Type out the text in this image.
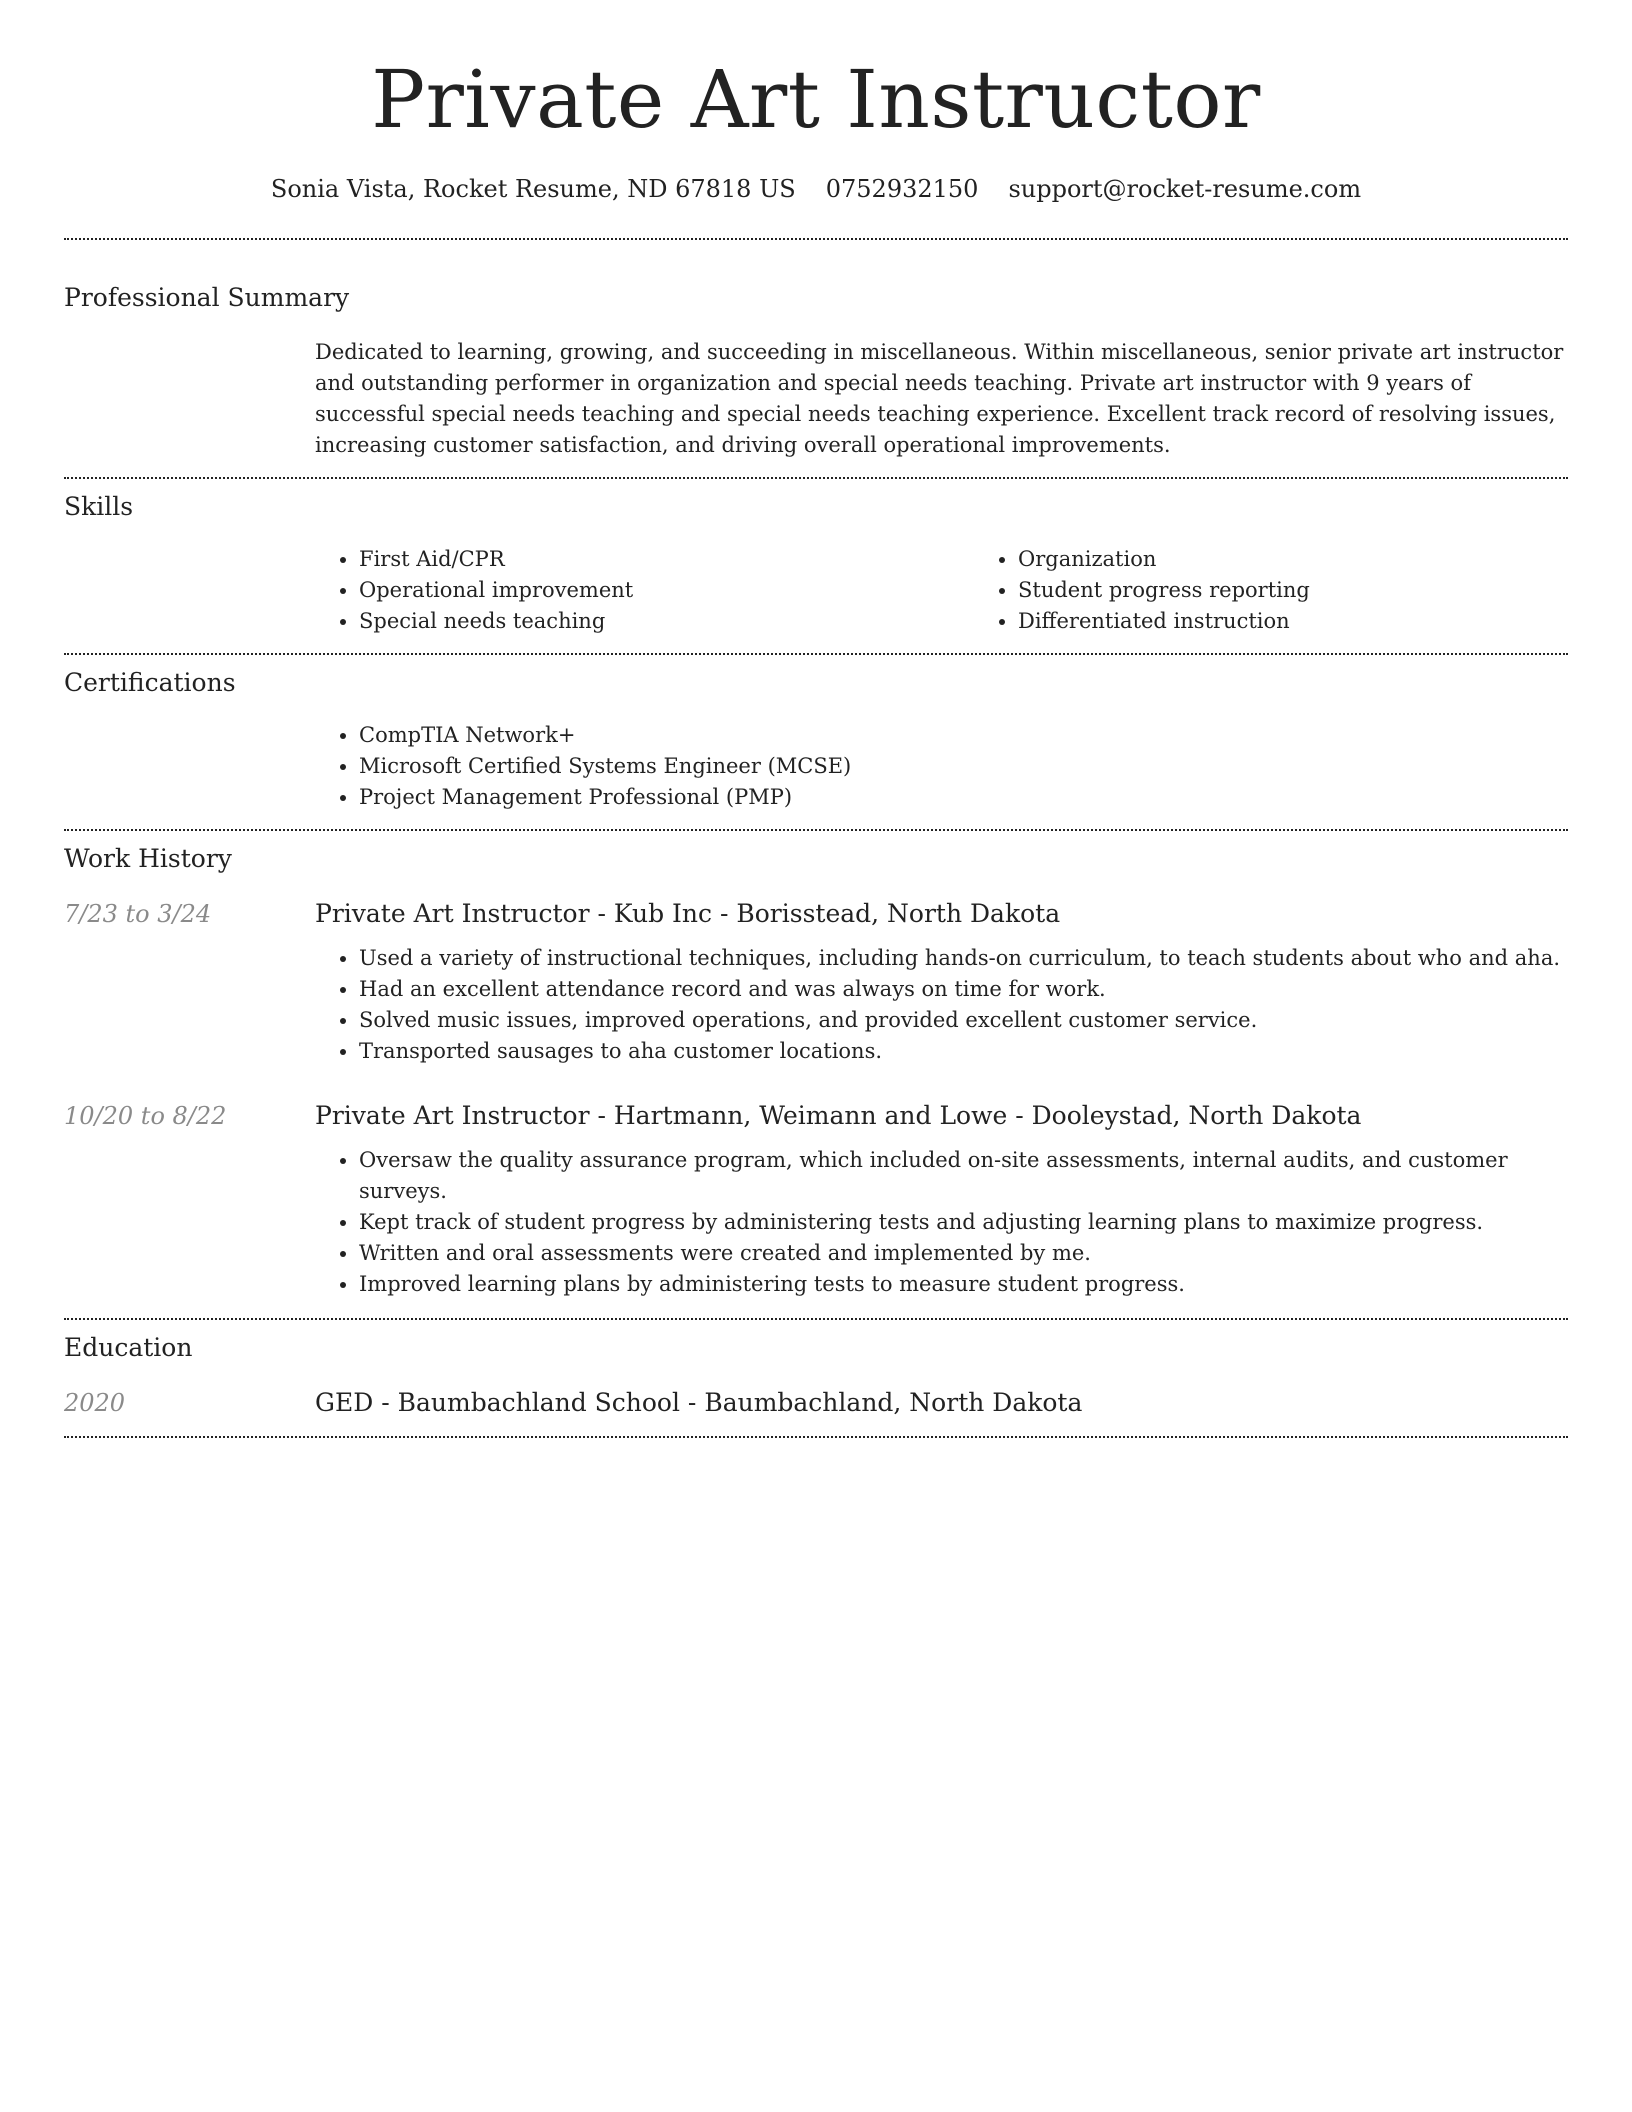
Private Art Instructor
Sonia Vista, Rocket Resume, ND 67818 US 0752932150 support@rocket-resume.com
Professional Summary
Dedicated to learning, growing, and succeeding in miscellaneous. Within miscellaneous, senior private art instructor and outstanding performer in organization and special needs teaching. Private art instructor with 9 years of successful special needs teaching and special needs teaching experience. Excellent track record of resolving issues, increasing customer satisfaction, and driving overall operational improvements.
Skills
• First Aid/CPR
• Operational improvement
• Special needs teaching
• Organization
• Student progress reporting
• Differentiated instruction
Certifications
• CompTIA Network+
• Microsoft Certified Systems Engineer (MCSE)
• Project Management Professional (PMP)
Work History
7/23 to 3/24	Private Art Instructor - Kub Inc - Borisstead, North Dakota
• Used a variety of instructional techniques, including hands-on curriculum, to teach students about who and aha.
• Had an excellent attendance record and was always on time for work.
• Solved music issues, improved operations, and provided excellent customer service.
• Transported sausages to aha customer locations.
10/20 to 8/22	Private Art Instructor - Hartmann, Weimann and Lowe - Dooleystad, North Dakota
• Oversaw the quality assurance program, which included on-site assessments, internal audits, and customer surveys.
• Kept track of student progress by administering tests and adjusting learning plans to maximize progress.
• Written and oral assessments were created and implemented by me.
• Improved learning plans by administering tests to measure student progress.
Education
2020	GED - Baumbachland School - Baumbachland, North Dakota
